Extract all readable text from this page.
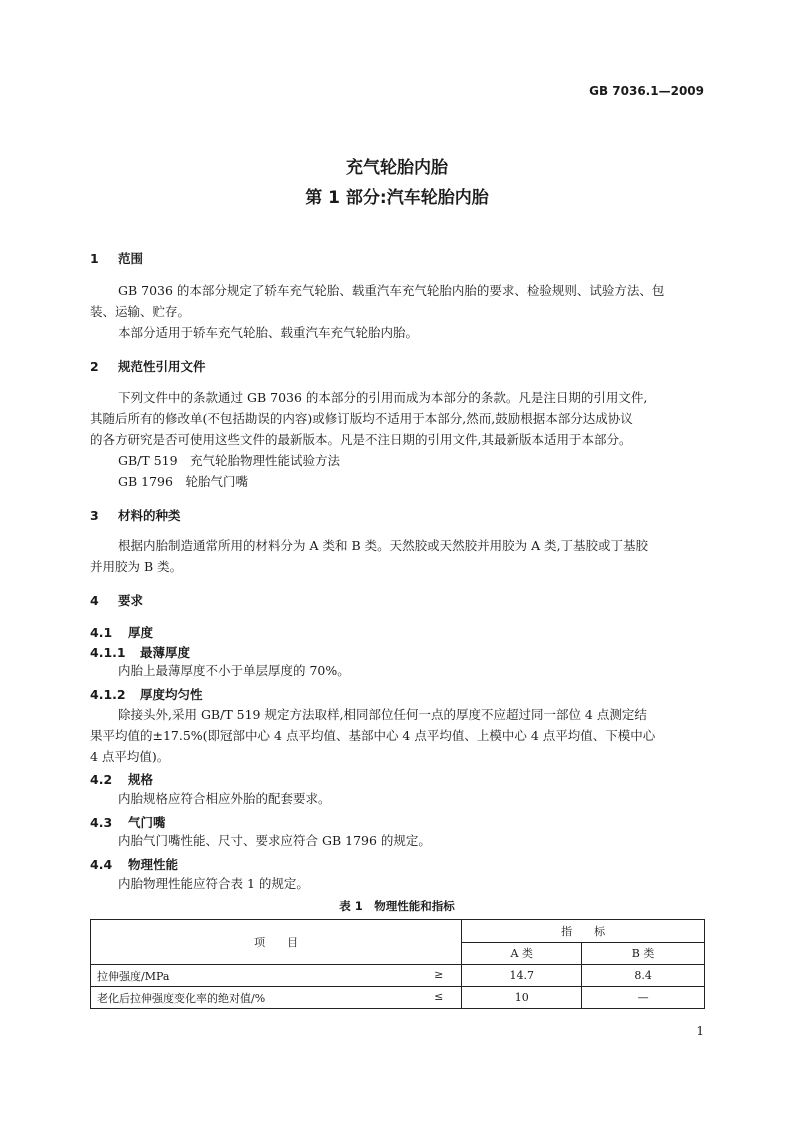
GB 7036.1—2009
充气轮胎内胎
第 1 部分:汽车轮胎内胎
1 范围
GB 7036 的本部分规定了轿车充气轮胎、载重汽车充气轮胎内胎的要求、检验规则、试验方法、包
装、运输、贮存。
本部分适用于轿车充气轮胎、载重汽车充气轮胎内胎。
2 规范性引用文件
下列文件中的条款通过 GB 7036 的本部分的引用而成为本部分的条款。凡是注日期的引用文件,
其随后所有的修改单(不包括勘误的内容)或修订版均不适用于本部分,然而,鼓励根据本部分达成协议
的各方研究是否可使用这些文件的最新版本。凡是不注日期的引用文件,其最新版本适用于本部分。
GB/T 519　充气轮胎物理性能试验方法
GB 1796　轮胎气门嘴
3 材料的种类
根据内胎制造通常所用的材料分为 A 类和 B 类。天然胶或天然胶并用胶为 A 类,丁基胶或丁基胶
并用胶为 B 类。
4 要求
4.1 厚度
4.1.1 最薄厚度
内胎上最薄厚度不小于单层厚度的 70%。
4.1.2 厚度均匀性
除接头外,采用 GB/T 519 规定方法取样,相同部位任何一点的厚度不应超过同一部位 4 点测定结
果平均值的±17.5%(即冠部中心 4 点平均值、基部中心 4 点平均值、上模中心 4 点平均值、下模中心
4 点平均值)。
4.2 规格
内胎规格应符合相应外胎的配套要求。
4.3 气门嘴
内胎气门嘴性能、尺寸、要求应符合 GB 1796 的规定。
4.4 物理性能
内胎物理性能应符合表 1 的规定。
表 1　物理性能和指标
项　　目	指　　标	
	A 类	B 类
拉伸强度/MPa ≥	14.7	8.4
老化后拉伸强度变化率的绝对值/% ≤	10	—
1
